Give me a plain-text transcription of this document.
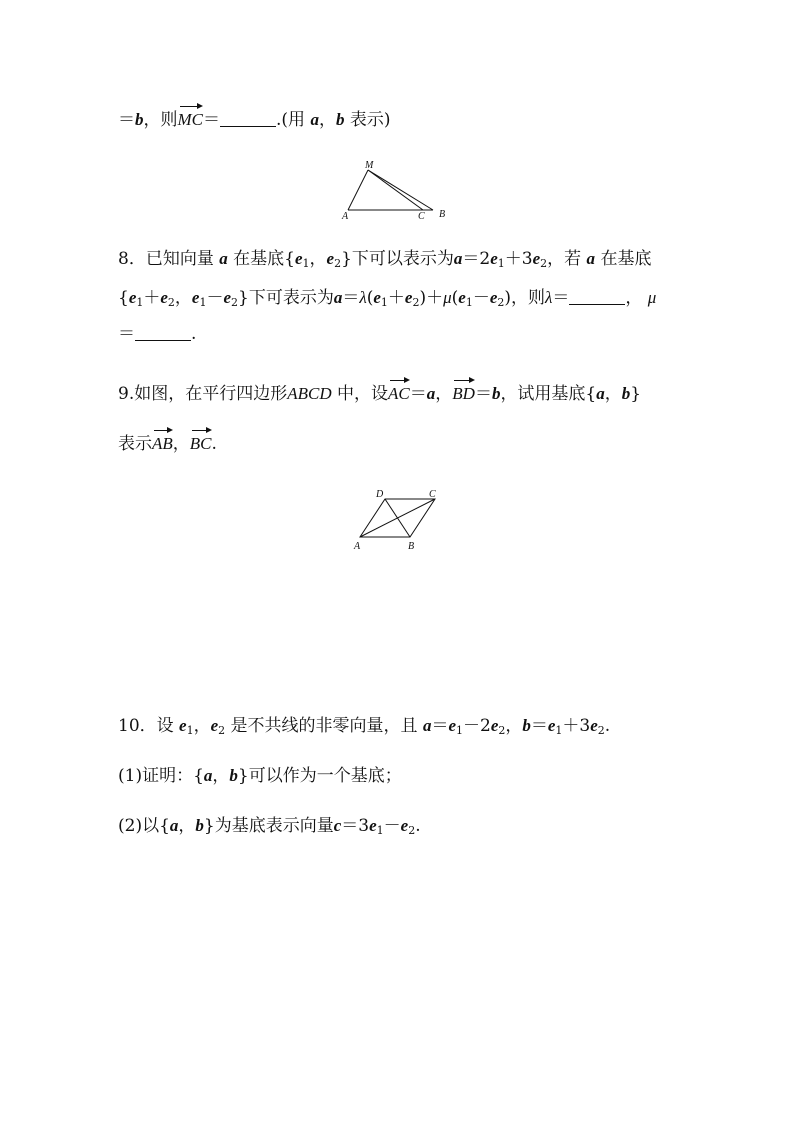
＝b，则MC＝	.(用 a，b 表示)
M
A	C B
8．已知向量 a 在基底{$e_1$，$e_2$}下可以表示为$a=2e_1+3e_2$，若 a 在基底
{$e_1+e_2$，$e_1-e_2$}下可表示为$a=\lambda(e_1+e_2)+\mu(e_1-e_2)$，则λ＝	， μ
＝	.
9.如图，在平行四边形ABCD 中，设AC＝a，BD＝b，试用基底{a，b}
表示AB，BC.
D	C
A	B
10．设 $e_1$，$e_2$ 是不共线的非零向量，且 $a=e_1-2e_2$，$b=e_1+3e_2$.
(1)证明：{a，b}可以作为一个基底；
(2)以{a，b}为基底表示向量$c=3e_1-e_2$.
